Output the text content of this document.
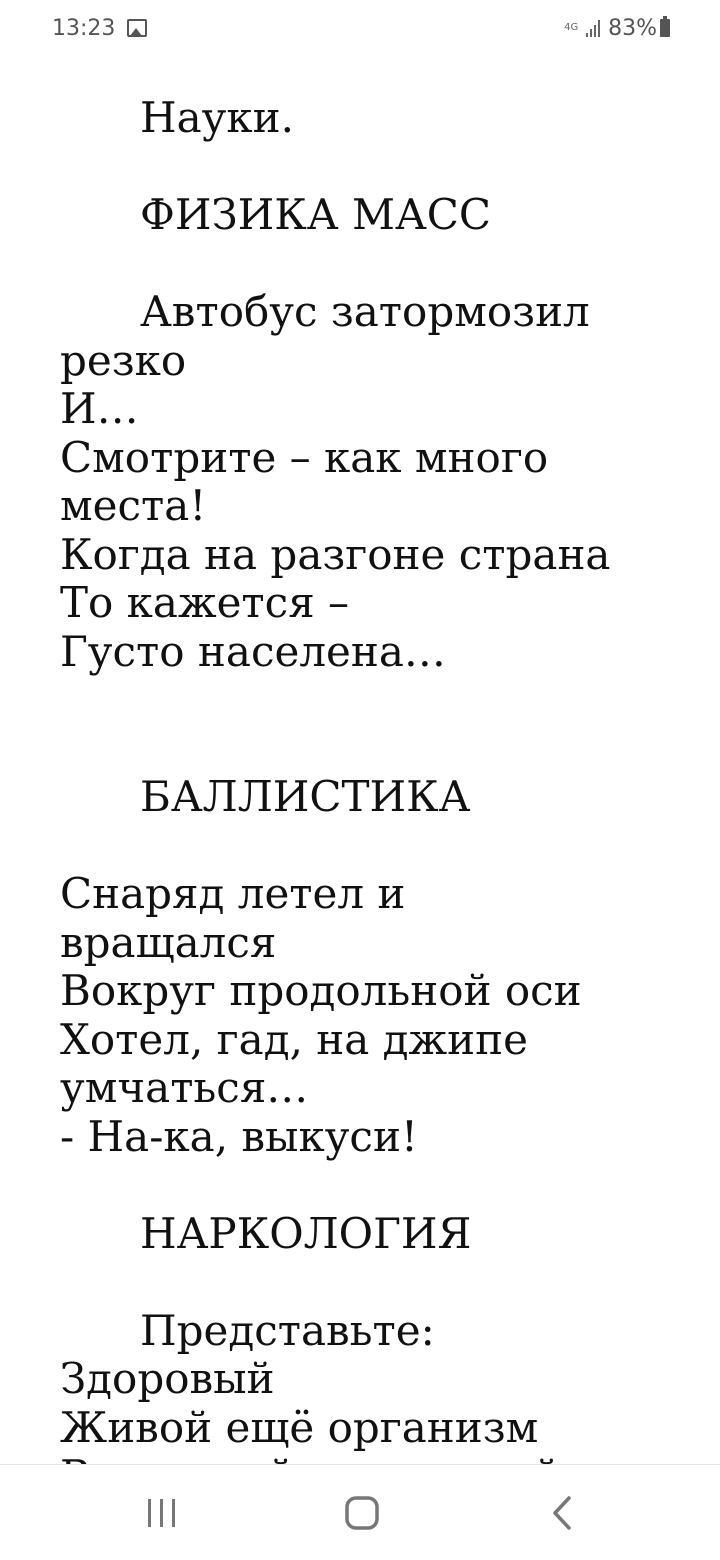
13:23	4G 83%
Науки.
ФИЗИКА МАСС
Автобус затормозил
резко
И…
Смотрите – как много
места!
Когда на разгоне страна
То кажется –
Густо населена…
БАЛЛИСТИКА
Снаряд летел и
вращался
Вокруг продольной оси
Хотел, гад, на джипе
умчаться…
- На-ка, выкуси!
НАРКОЛОГИЯ
Представьте:
Здоровый
Живой ещё организм
